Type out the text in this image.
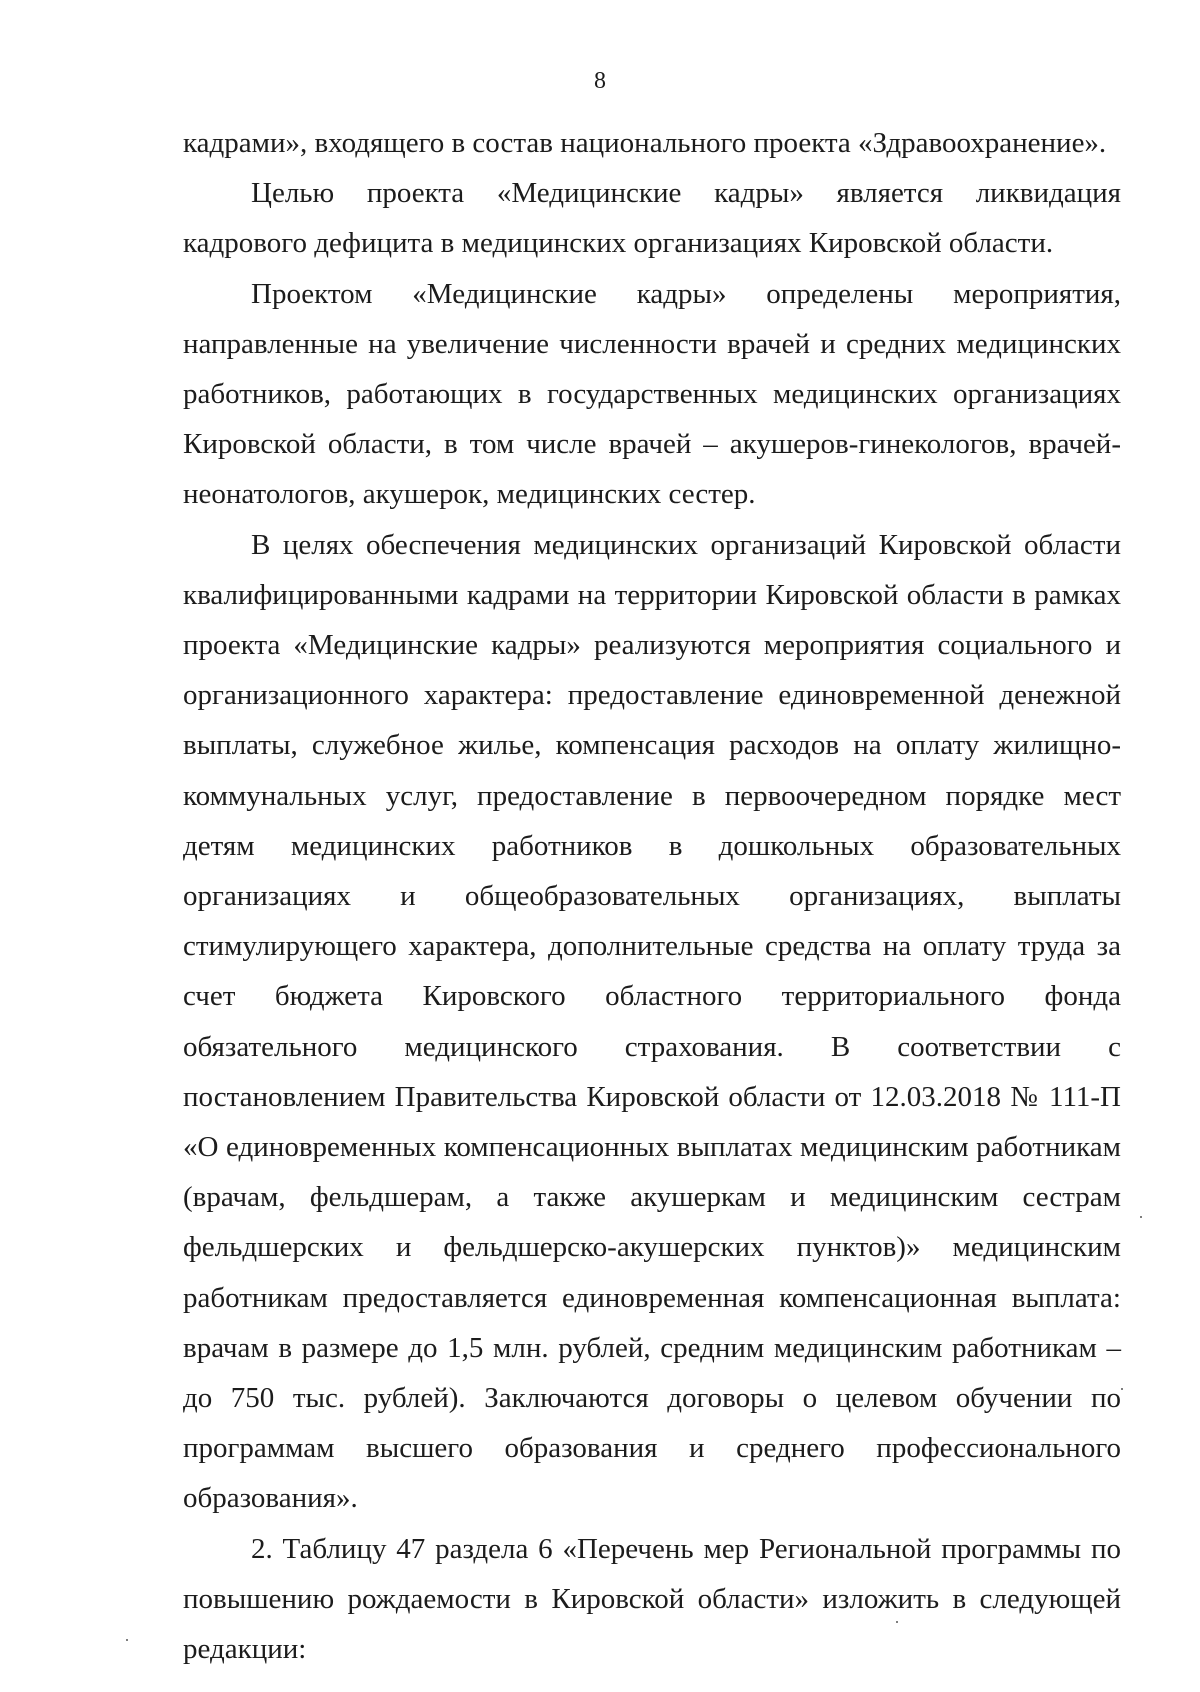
8

кадрами», входящего в состав национального проекта «Здравоохранение».

Целью проекта «Медицинские кадры» является ликвидация кадрового дефицита в медицинских организациях Кировской области.

Проектом «Медицинские кадры» определены мероприятия, направленные на увеличение численности врачей и средних медицинских работников, работающих в государственных медицинских организациях Кировской области, в том числе врачей – акушеров-гинекологов, врачей-неонатологов, акушерок, медицинских сестер.

В целях обеспечения медицинских организаций Кировской области квалифицированными кадрами на территории Кировской области в рамках проекта «Медицинские кадры» реализуются мероприятия социального и организационного характера: предоставление единовременной денежной выплаты, служебное жилье, компенсация расходов на оплату жилищно-коммунальных услуг, предоставление в первоочередном порядке мест детям медицинских работников в дошкольных образовательных организациях и общеобразовательных организациях, выплаты стимулирующего характера, дополнительные средства на оплату труда за счет бюджета Кировского областного территориального фонда обязательного медицинского страхования. В соответствии с постановлением Правительства Кировской области от 12.03.2018 № 111-П «О единовременных компенсационных выплатах медицинским работникам (врачам, фельдшерам, а также акушеркам и медицинским сестрам фельдшерских и фельдшерско-акушерских пунктов)» медицинским работникам предоставляется единовременная компенсационная выплата: врачам в размере до 1,5 млн. рублей, средним медицинским работникам – до 750 тыс. рублей). Заключаются договоры о целевом обучении по программам высшего образования и среднего профессионального образования».

2. Таблицу 47 раздела 6 «Перечень мер Региональной программы по повышению рождаемости в Кировской области» изложить в следующей редакции:
